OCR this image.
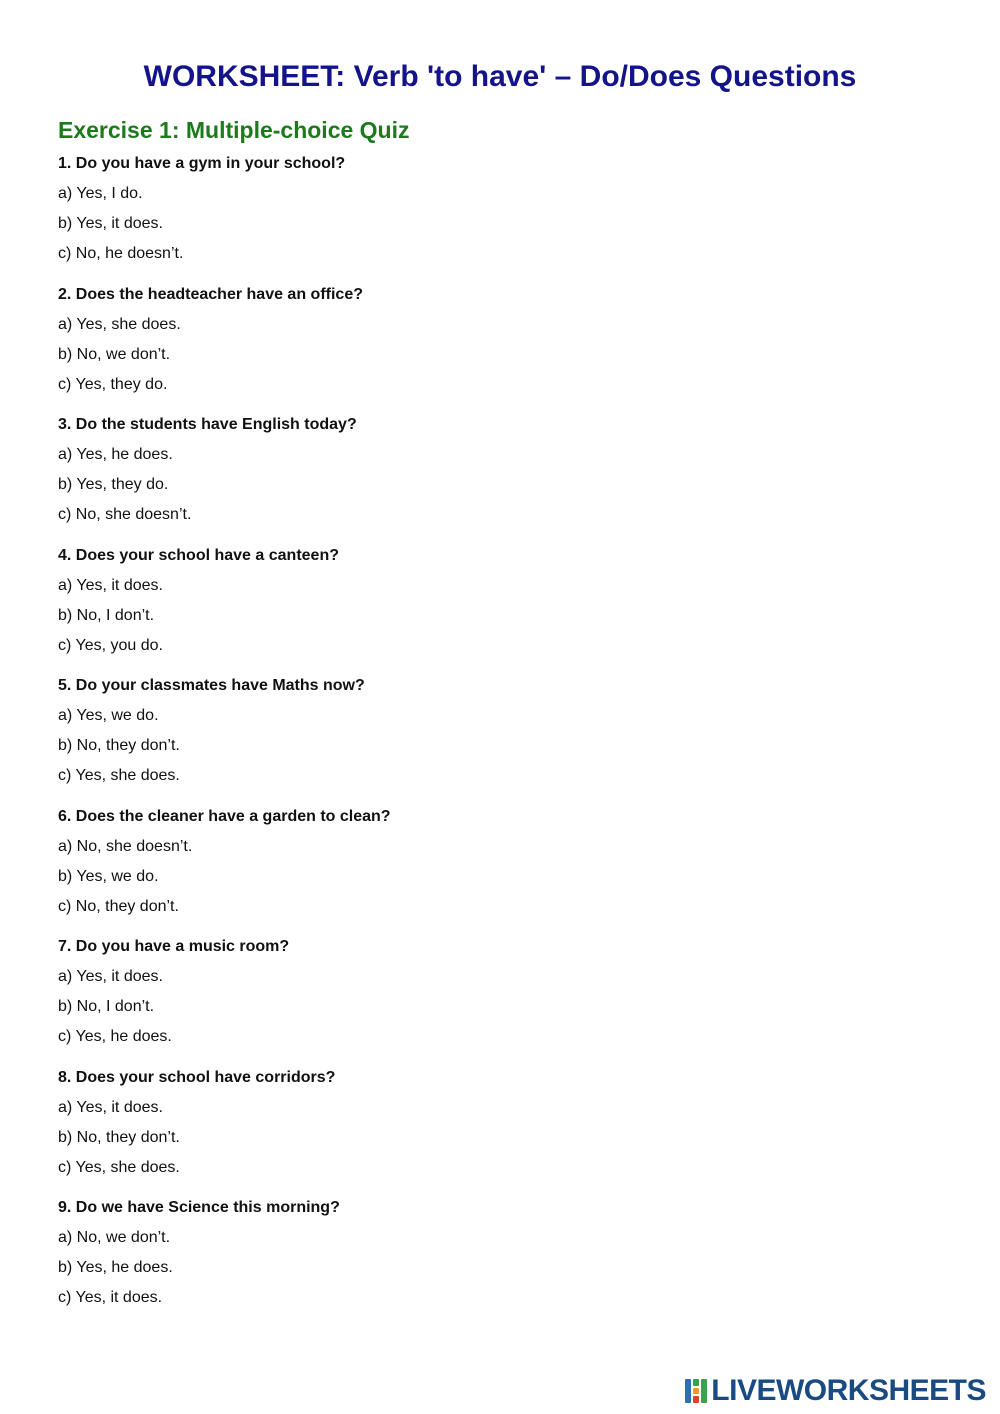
WORKSHEET: Verb 'to have' – Do/Does Questions
Exercise 1: Multiple-choice Quiz
1. Do you have a gym in your school?
a) Yes, I do.
b) Yes, it does.
c) No, he doesn’t.
2. Does the headteacher have an office?
a) Yes, she does.
b) No, we don’t.
c) Yes, they do.
3. Do the students have English today?
a) Yes, he does.
b) Yes, they do.
c) No, she doesn’t.
4. Does your school have a canteen?
a) Yes, it does.
b) No, I don’t.
c) Yes, you do.
5. Do your classmates have Maths now?
a) Yes, we do.
b) No, they don’t.
c) Yes, she does.
6. Does the cleaner have a garden to clean?
a) No, she doesn’t.
b) Yes, we do.
c) No, they don’t.
7. Do you have a music room?
a) Yes, it does.
b) No, I don’t.
c) Yes, he does.
8. Does your school have corridors?
a) Yes, it does.
b) No, they don’t.
c) Yes, she does.
9. Do we have Science this morning?
a) No, we don’t.
b) Yes, he does.
c) Yes, it does.
LIVEWORKSHEETS
